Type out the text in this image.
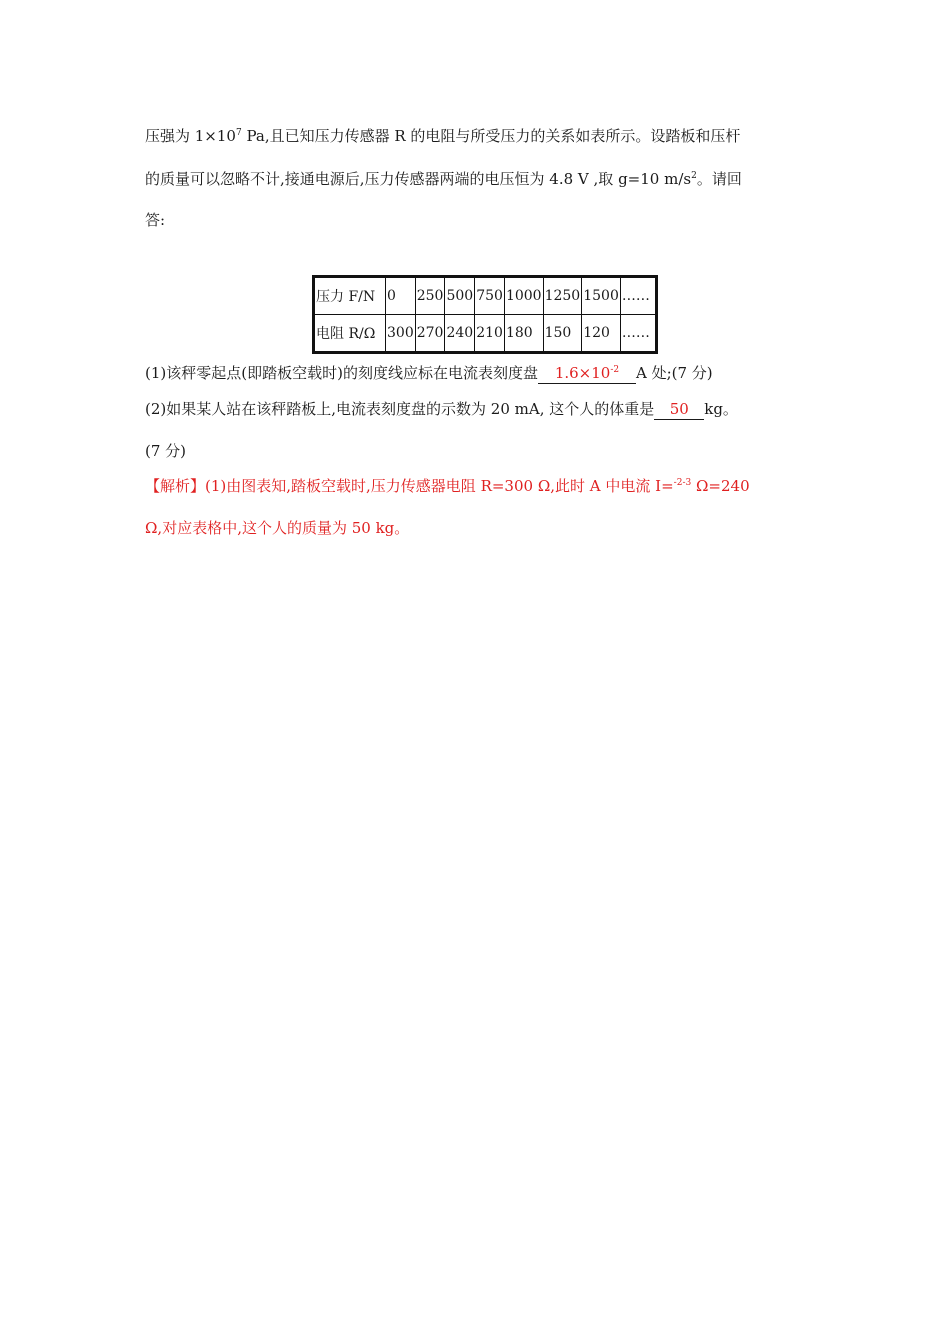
压强为 $1\times 10^7$ Pa,且已知压力传感器 R 的电阻与所受压力的关系如表所示。设踏板和压杆
的质量可以忽略不计,接通电源后,压力传感器两端的电压恒为 4.8 V ,取 g=10 $m/s^2$。请回
答:
压力 F/N	0	250	500	750	1000	1250	1500	……
电阻 R/Ω	300	270	240	210	180	150	120	……
(1)该秤零起点(即踏板空载时)的刻度线应标在电流表刻度盘 $1.6\times 10^{-2}$ A 处;(7 分)
(2)如果某人站在该秤踏板上,电流表刻度盘的示数为 20 mA, 这个人的体重是 50 kg。
(7 分)
【解析】(1)由图表知,踏板空载时,压力传感器电阻 R=300 Ω,此时 A 中电流 I=$^{-2-3}$ Ω=240
Ω,对应表格中,这个人的质量为 50 kg。
